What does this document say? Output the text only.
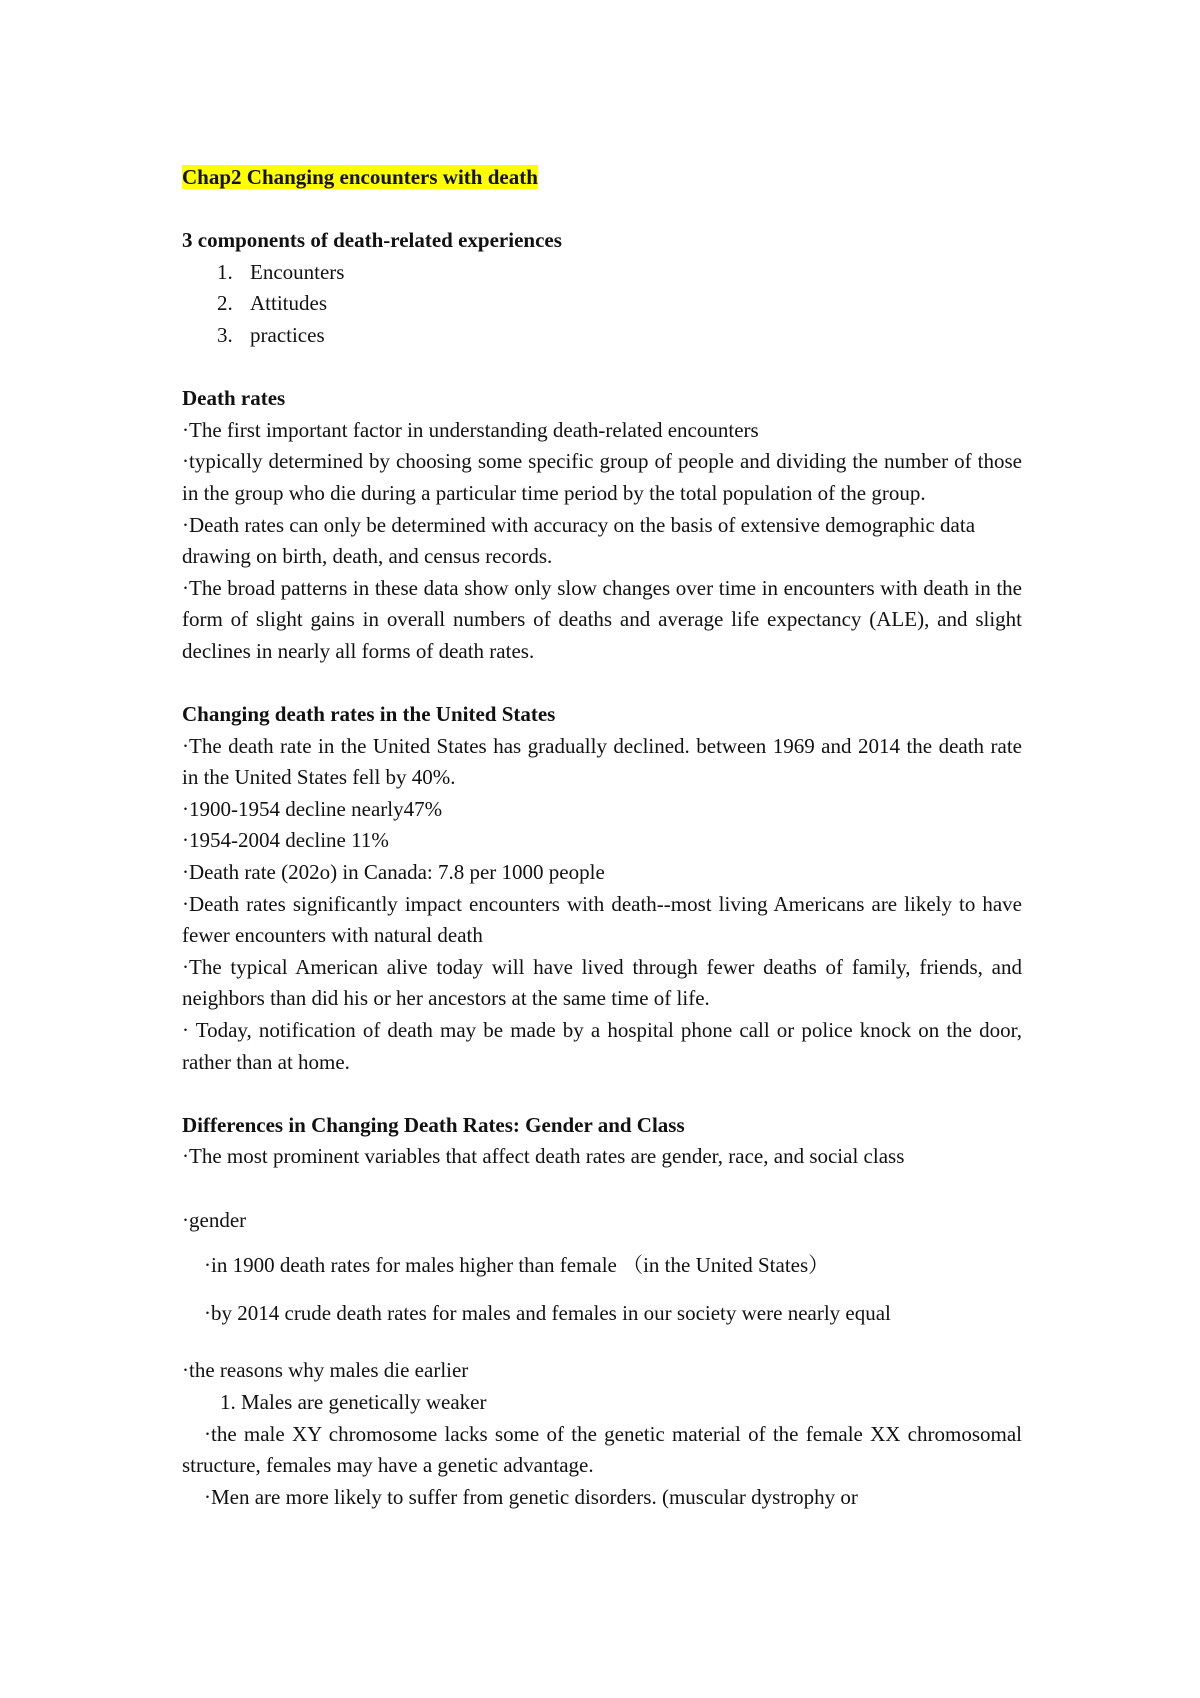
Chap2 Changing encounters with death

3 components of death-related experiences
1. Encounters
2. Attitudes
3. practices
Death rates

·The first important factor in understanding death-related encounters

·typically determined by choosing some specific group of people and dividing the number of those in the group who die during a particular time period by the total population of the group.

·Death rates can only be determined with accuracy on the basis of extensive demographic data drawing on birth, death, and census records.

·The broad patterns in these data show only slow changes over time in encounters with death in the form of slight gains in overall numbers of deaths and average life expectancy (ALE), and slight declines in nearly all forms of death rates.

Changing death rates in the United States

·The death rate in the United States has gradually declined. between 1969 and 2014 the death rate in the United States fell by 40%.

·1900-1954 decline nearly47%

·1954-2004 decline 11%

·Death rate (202o) in Canada: 7.8 per 1000 people

·Death rates significantly impact encounters with death--most living Americans are likely to have fewer encounters with natural death

·The typical American alive today will have lived through fewer deaths of family, friends, and neighbors than did his or her ancestors at the same time of life.

· Today, notification of death may be made by a hospital phone call or police knock on the door, rather than at home.

Differences in Changing Death Rates: Gender and Class

·The most prominent variables that affect death rates are gender, race, and social class

·gender

·in 1900 death rates for males higher than female （in the United States）

·by 2014 crude death rates for males and females in our society were nearly equal

·the reasons why males die earlier

1. Males are genetically weaker

·the male XY chromosome lacks some of the genetic material of the female XX chromosomal structure, females may have a genetic advantage.

·Men are more likely to suffer from genetic disorders. (muscular dystrophy or
